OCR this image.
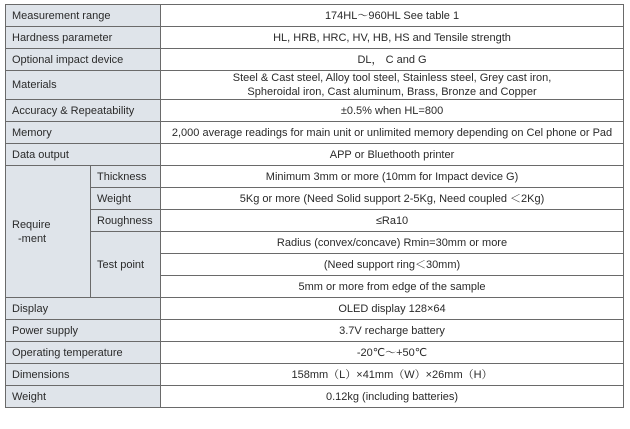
Measurement range		174HL～960HL See table 1
Hardness parameter		HL, HRB, HRC, HV, HB, HS and Tensile strength
Optional impact device		DL， C and G
Materials		Steel & Cast steel, Alloy tool steel, Stainless steel, Grey cast iron,
Spheroidal iron, Cast aluminum, Brass, Bronze and Copper

Accuracy & Repeatability		±0.5% when HL=800
Memory		2,000 average readings for main unit or unlimited memory depending on Cel phone or Pad
Data output		APP or Bluethooth printer

Require
-ment	Thickness	Minimum 3mm or more (10mm for Impact device G)
	Weight	5Kg or more (Need Solid support 2-5Kg, Need coupled ＜2Kg)
	Roughness	≤Ra10
	Test point	Radius (convex/concave) Rmin=30mm or more
		(Need support ring＜30mm)
		5mm or more from edge of the sample
Display		OLED display 128×64
Power supply		3.7V recharge battery
Operating temperature		-20℃～+50℃
Dimensions		158mm（L）×41mm（W）×26mm（H）
Weight		0.12kg (including batteries)
